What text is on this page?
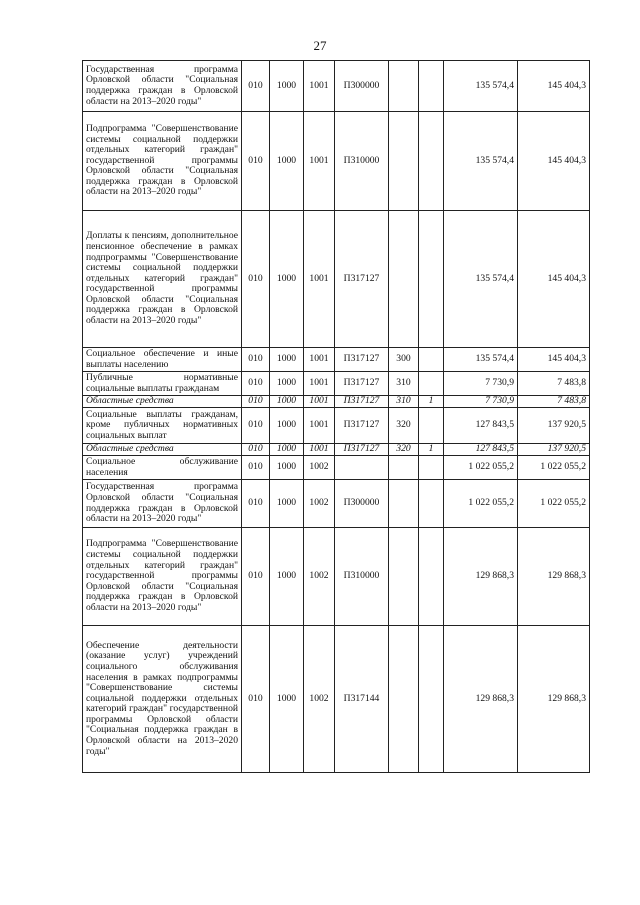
27
Государственная программа Орловской области "Социальная поддержка граждан в Орловской области на 2013–2020 годы"	010	1000	1001	П300000			135 574,4	145 404,3
Подпрограмма "Совершенствование системы социальной поддержки отдельных категорий граждан" государственной программы Орловской области "Социальная поддержка граждан в Орловской области на 2013–2020 годы"	010	1000	1001	П310000			135 574,4	145 404,3
Доплаты к пенсиям, дополнительное пенсионное обеспечение в рамках подпрограммы "Совершенствование системы социальной поддержки отдельных категорий граждан" государственной программы Орловской области "Социальная поддержка граждан в Орловской области на 2013–2020 годы"	010	1000	1001	П317127			135 574,4	145 404,3
Социальное обеспечение и иные выплаты населению	010	1000	1001	П317127	300		135 574,4	145 404,3
Публичные нормативные социальные выплаты гражданам	010	1000	1001	П317127	310		7 730,9	7 483,8
Областные средства	010	1000	1001	П317127	310	1	7 730,9	7 483,8
Социальные выплаты гражданам, кроме публичных нормативных социальных выплат	010	1000	1001	П317127	320		127 843,5	137 920,5
Областные средства	010	1000	1001	П317127	320	1	127 843,5	137 920,5
Социальное обслуживание населения	010	1000	1002				1 022 055,2	1 022 055,2
Государственная программа Орловской области "Социальная поддержка граждан в Орловской области на 2013–2020 годы"	010	1000	1002	П300000			1 022 055,2	1 022 055,2
Подпрограмма "Совершенствование системы социальной поддержки отдельных категорий граждан" государственной программы Орловской области "Социальная поддержка граждан в Орловской области на 2013–2020 годы"	010	1000	1002	П310000			129 868,3	129 868,3
Обеспечение деятельности (оказание услуг) учреждений социального обслуживания населения в рамках подпрограммы "Совершенствование системы социальной поддержки отдельных категорий граждан" государственной программы Орловской области "Социальная поддержка граждан в Орловской области на 2013–2020 годы"	010	1000	1002	П317144			129 868,3	129 868,3
